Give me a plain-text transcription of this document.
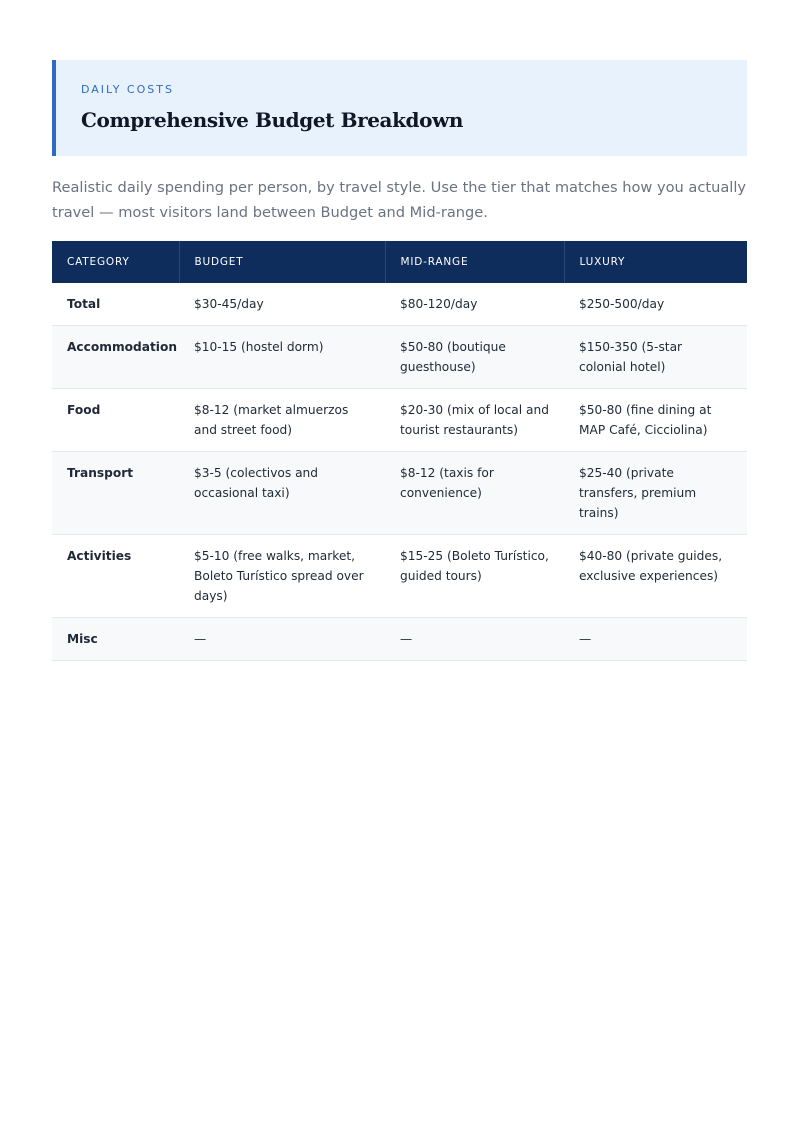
DAILY COSTS
Comprehensive Budget Breakdown

Realistic daily spending per person, by travel style. Use the tier that matches how you actually travel — most visitors land between Budget and Mid-range.

CATEGORY	BUDGET	MID-RANGE	LUXURY
Total	$30-45/day	$80-120/day	$250-500/day
Accommodation	$10-15 (hostel dorm)	$50-80 (boutique guesthouse)	$150-350 (5-star colonial hotel)
Food	$8-12 (market almuerzos and street food)	$20-30 (mix of local and tourist restaurants)	$50-80 (fine dining at MAP Café, Cicciolina)
Transport	$3-5 (colectivos and occasional taxi)	$8-12 (taxis for convenience)	$25-40 (private transfers, premium trains)
Activities	$5-10 (free walks, market, Boleto Turístico spread over days)	$15-25 (Boleto Turístico, guided tours)	$40-80 (private guides, exclusive experiences)
Misc	—	—	—
